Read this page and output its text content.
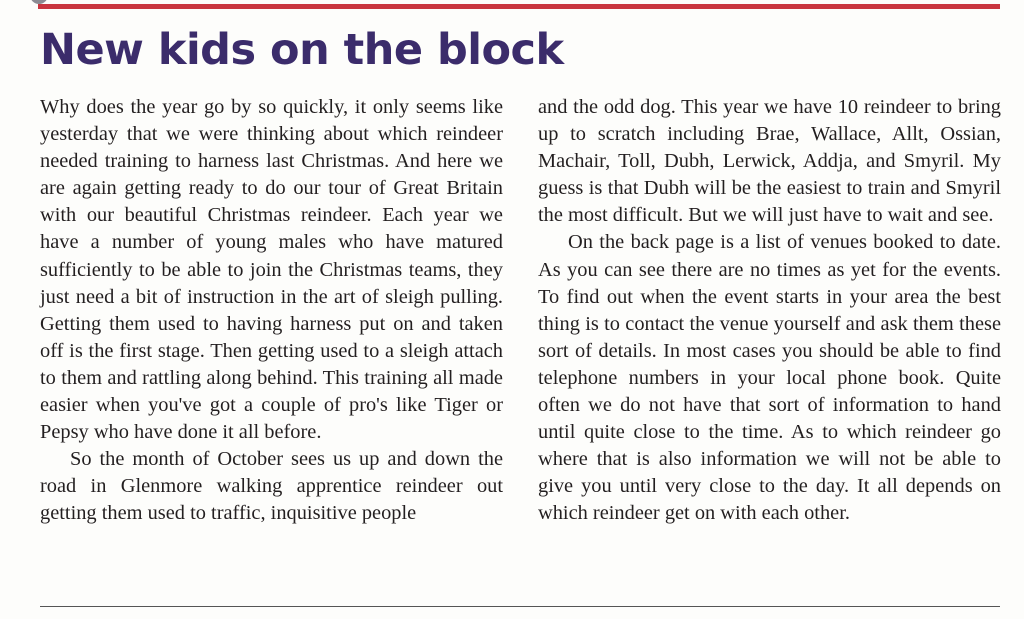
New kids on the block

Why does the year go by so quickly, it only seems like yesterday that we were thinking about which reindeer needed training to harness last Christmas. And here we are again getting ready to do our tour of Great Britain with our beautiful Christmas reindeer. Each year we have a number of young males who have matured sufficiently to be able to join the Christmas teams, they just need a bit of instruction in the art of sleigh pulling. Getting them used to having harness put on and taken off is the first stage. Then getting used to a sleigh attach to them and rattling along behind. This training all made easier when you've got a couple of pro's like Tiger or Pepsy who have done it all before.

So the month of October sees us up and down the road in Glenmore walking apprentice reindeer out getting them used to traffic, inquisitive people

and the odd dog. This year we have 10 reindeer to bring up to scratch including Brae, Wallace, Allt, Ossian, Machair, Toll, Dubh, Lerwick, Addja, and Smyril. My guess is that Dubh will be the easiest to train and Smyril the most difficult. But we will just have to wait and see.

On the back page is a list of venues booked to date. As you can see there are no times as yet for the events. To find out when the event starts in your area the best thing is to contact the venue yourself and ask them these sort of details. In most cases you should be able to find telephone numbers in your local phone book. Quite often we do not have that sort of information to hand until quite close to the time. As to which reindeer go where that is also information we will not be able to give you until very close to the day. It all depends on which reindeer get on with each other.
